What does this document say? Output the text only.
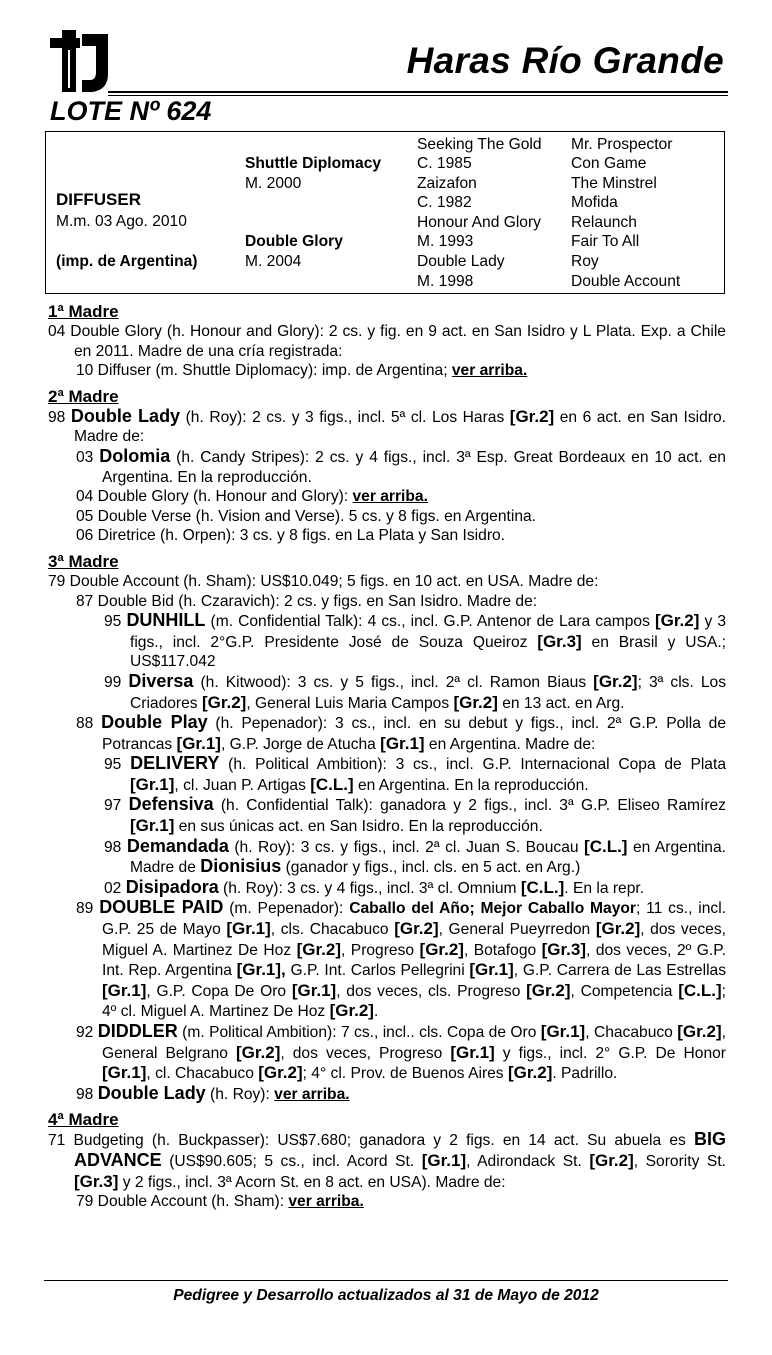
Haras Río Grande
LOTE Nº 624
DIFFUSER
M.m. 03 Ago. 2010
(imp. de Argentina)
Shuttle Diplomacy
M. 2000
Double Glory
M. 2004
Seeking The Gold
C. 1985
Zaizafon
C. 1982
Honour And Glory
M. 1993
Double Lady
M. 1998
Mr. Prospector
Con Game
The Minstrel
Mofida
Relaunch
Fair To All
Roy
Double Account
1ª Madre
04 Double Glory (h. Honour and Glory): 2 cs. y fig. en 9 act. en San Isidro y L Plata. Exp. a Chile en 2011. Madre de una cría registrada:
10 Diffuser (m. Shuttle Diplomacy): imp. de Argentina; ver arriba.
2ª Madre
98 Double Lady (h. Roy): 2 cs. y 3 figs., incl. 5ª cl. Los Haras [Gr.2] en 6 act. en San Isidro. Madre de:
03 Dolomia (h. Candy Stripes): 2 cs. y 4 figs., incl. 3ª Esp. Great Bordeaux en 10 act. en Argentina. En la reproducción.
04 Double Glory (h. Honour and Glory): ver arriba.
05 Double Verse (h. Vision and Verse). 5 cs. y 8 figs. en Argentina.
06 Diretrice (h. Orpen): 3 cs. y 8 figs. en La Plata y San Isidro.
3ª Madre
79 Double Account (h. Sham): US$10.049; 5 figs. en 10 act. en USA. Madre de:
87 Double Bid (h. Czaravich): 2 cs. y figs. en San Isidro. Madre de:
95 DUNHILL (m. Confidential Talk): 4 cs., incl. G.P. Antenor de Lara campos [Gr.2] y 3 figs., incl. 2°G.P. Presidente José de Souza Queiroz [Gr.3] en Brasil y USA.; US$117.042
99 Diversa (h. Kitwood): 3 cs. y 5 figs., incl. 2ª cl. Ramon Biaus [Gr.2]; 3ª cls. Los Criadores [Gr.2], General Luis Maria Campos [Gr.2] en 13 act. en Arg.
88 Double Play (h. Pepenador): 3 cs., incl. en su debut y figs., incl. 2ª G.P. Polla de Potrancas [Gr.1], G.P. Jorge de Atucha [Gr.1] en Argentina. Madre de:
95 DELIVERY (h. Political Ambition): 3 cs., incl. G.P. Internacional Copa de Plata [Gr.1], cl. Juan P. Artigas [C.L.] en Argentina. En la reproducción.
97 Defensiva (h. Confidential Talk): ganadora y 2 figs., incl. 3ª G.P. Eliseo Ramírez [Gr.1] en sus únicas act. en San Isidro. En la reproducción.
98 Demandada (h. Roy): 3 cs. y figs., incl. 2ª cl. Juan S. Boucau [C.L.] en Argentina. Madre de Dionisius (ganador y figs., incl. cls. en 5 act. en Arg.)
02 Disipadora (h. Roy): 3 cs. y 4 figs., incl. 3ª cl. Omnium [C.L.]. En la repr.
89 DOUBLE PAID (m. Pepenador): Caballo del Año; Mejor Caballo Mayor; 11 cs., incl. G.P. 25 de Mayo [Gr.1], cls. Chacabuco [Gr.2], General Pueyrredon [Gr.2], dos veces, Miguel A. Martinez De Hoz [Gr.2], Progreso [Gr.2], Botafogo [Gr.3], dos veces, 2º G.P. Int. Rep. Argentina [Gr.1], G.P. Int. Carlos Pellegrini [Gr.1], G.P. Carrera de Las Estrellas [Gr.1], G.P. Copa De Oro [Gr.1], dos veces, cls. Progreso [Gr.2], Competencia [C.L.]; 4º cl. Miguel A. Martinez De Hoz [Gr.2].
92 DIDDLER (m. Political Ambition): 7 cs., incl.. cls. Copa de Oro [Gr.1], Chacabuco [Gr.2], General Belgrano [Gr.2], dos veces, Progreso [Gr.1] y figs., incl. 2° G.P. De Honor [Gr.1], cl. Chacabuco [Gr.2]; 4° cl. Prov. de Buenos Aires [Gr.2]. Padrillo.
98 Double Lady (h. Roy): ver arriba.
4ª Madre
71 Budgeting (h. Buckpasser): US$7.680; ganadora y 2 figs. en 14 act. Su abuela es BIG ADVANCE (US$90.605; 5 cs., incl. Acord St. [Gr.1], Adirondack St. [Gr.2], Sorority St. [Gr.3] y 2 figs., incl. 3ª Acorn St. en 8 act. en USA). Madre de:
79 Double Account (h. Sham): ver arriba.
Pedigree y Desarrollo actualizados al 31 de Mayo de 2012
